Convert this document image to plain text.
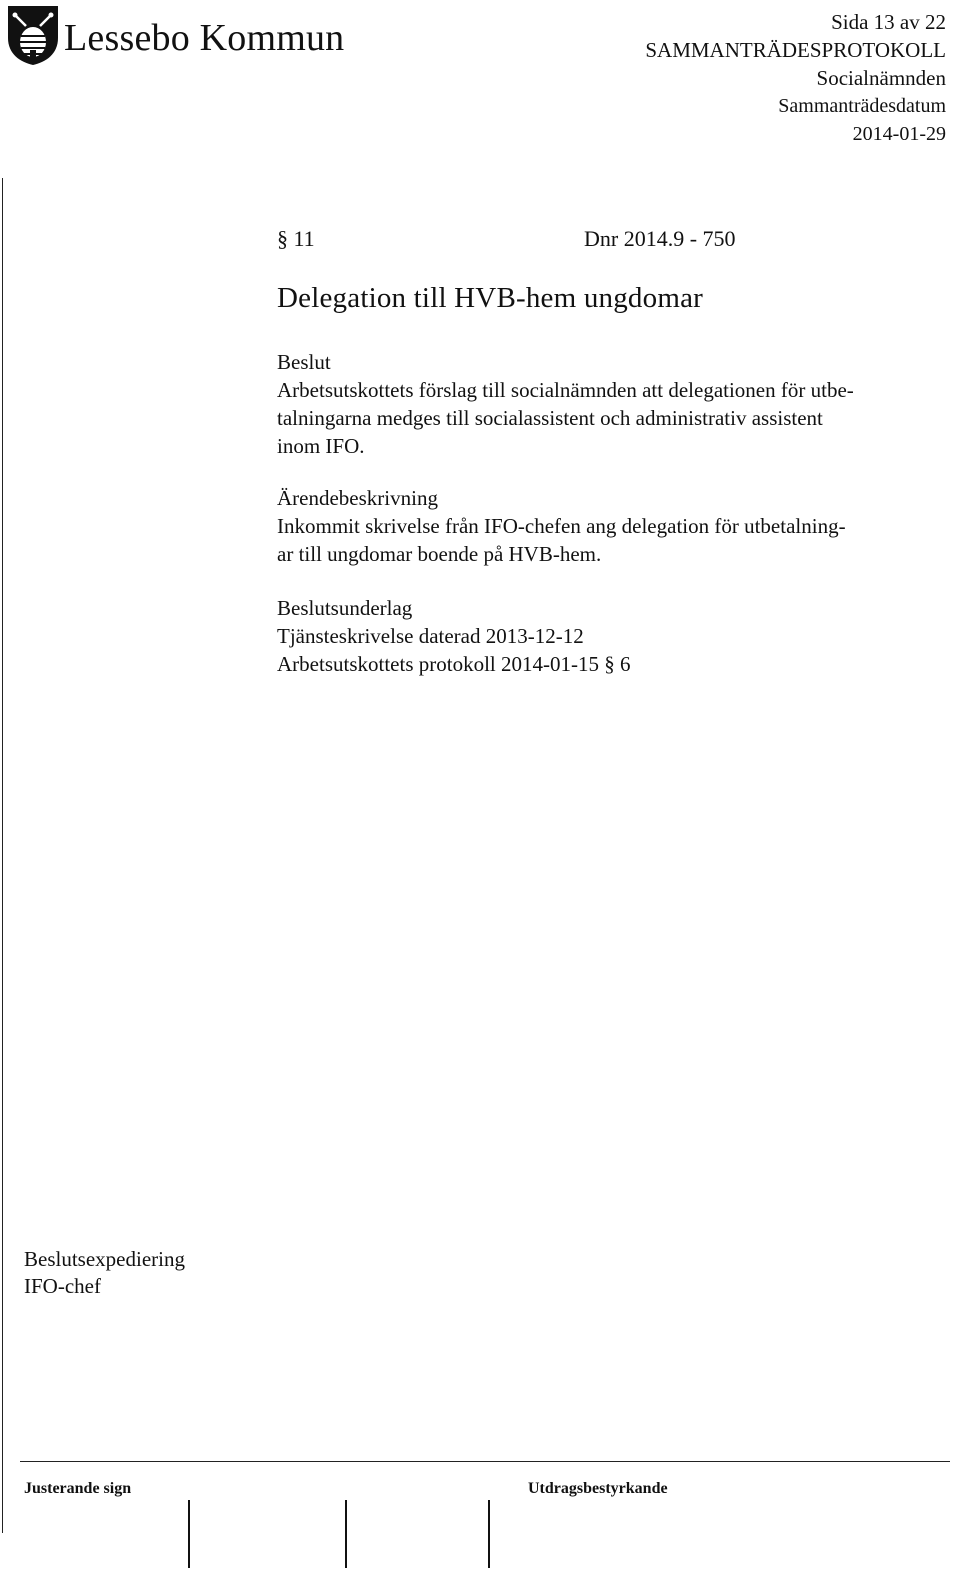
Lessebo Kommun	Sida 13 av 22
SAMMANTRÄDESPROTOKOLL
Socialnämnden
Sammanträdesdatum
2014-01-29
§ 11	Dnr 2014.9 - 750
Delegation till HVB-hem ungdomar

Beslut

Arbetsutskottets förslag till socialnämnden att delegationen för utbe-

talningarna medges till socialassistent och administrativ assistent

inom IFO.

Ärendebeskrivning

Inkommit skrivelse från IFO-chefen ang delegation för utbetalning-

ar till ungdomar boende på HVB-hem.

Beslutsunderlag

Tjänsteskrivelse daterad 2013-12-12

Arbetsutskottets protokoll 2014-01-15 § 6

Beslutsexpediering
IFO-chef
Justerande sign	Utdragsbestyrkande
